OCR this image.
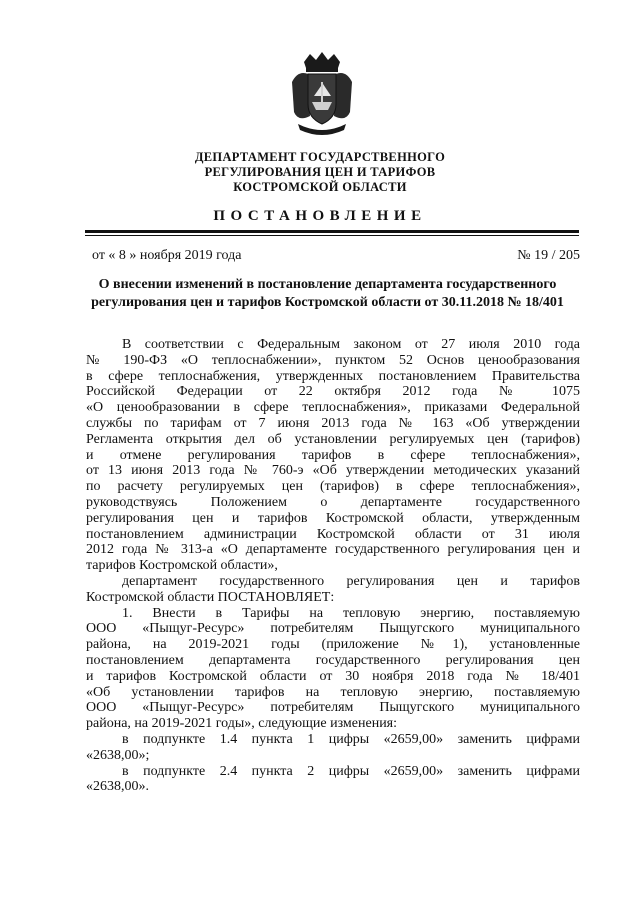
ДЕПАРТАМЕНТ ГОСУДАРСТВЕННОГО
РЕГУЛИРОВАНИЯ ЦЕН И ТАРИФОВ
КОСТРОМСКОЙ ОБЛАСТИ
ПОСТАНОВЛЕНИЕ
от « 8 » ноября 2019 года	№ 19 / 205
О внесении изменений в постановление департамента государственного
регулирования цен и тарифов Костромской области от 30.11.2018 № 18/401
В соответствии с Федеральным законом от 27 июля 2010 года
№ 190-ФЗ «О теплоснабжении», пунктом 52 Основ ценообразования
в сфере теплоснабжения, утвержденных постановлением Правительства
Российской Федерации от 22 октября 2012 года № 1075
«О ценообразовании в сфере теплоснабжения», приказами Федеральной
службы по тарифам от 7 июня 2013 года № 163 «Об утверждении
Регламента открытия дел об установлении регулируемых цен (тарифов)
и отмене регулирования тарифов в сфере теплоснабжения»,
от 13 июня 2013 года № 760-э «Об утверждении методических указаний
по расчету регулируемых цен (тарифов) в сфере теплоснабжения»,
руководствуясь Положением о департаменте государственного
регулирования цен и тарифов Костромской области, утвержденным
постановлением администрации Костромской области от 31 июля
2012 года № 313-а «О департаменте государственного регулирования цен и
тарифов Костромской области»,
департамент государственного регулирования цен и тарифов
Костромской области ПОСТАНОВЛЯЕТ:
1. Внести в Тарифы на тепловую энергию, поставляемую
ООО «Пыщуг-Ресурс» потребителям Пыщугского муниципального
района, на 2019-2021 годы (приложение №1), установленные
постановлением департамента государственного регулирования цен
и тарифов Костромской области от 30 ноября 2018 года № 18/401
«Об установлении тарифов на тепловую энергию, поставляемую
ООО «Пыщуг-Ресурс» потребителям Пыщугского муниципального
района, на 2019-2021 годы», следующие изменения:
в подпункте 1.4 пункта 1 цифры «2659,00» заменить цифрами
«2638,00»;
в подпункте 2.4 пункта 2 цифры «2659,00» заменить цифрами
«2638,00».
